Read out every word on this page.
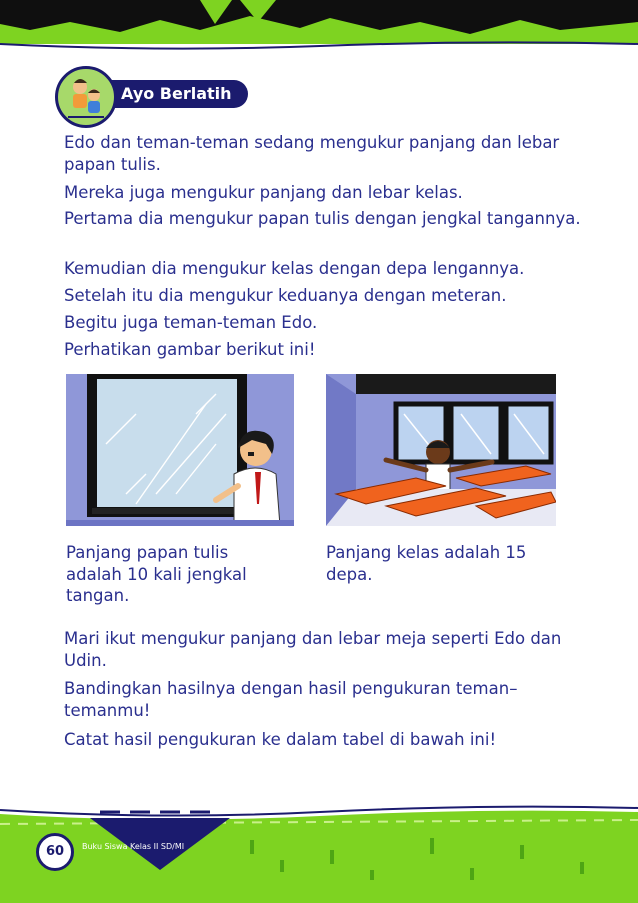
Ayo Berlatih

Edo dan teman-teman sedang mengukur panjang dan lebar papan tulis.

Mereka juga mengukur panjang dan lebar kelas.

Pertama dia mengukur papan tulis dengan jengkal tangannya.

Kemudian dia mengukur kelas dengan depa lengannya.

Setelah itu dia mengukur keduanya dengan meteran.

Begitu juga teman-teman Edo.

Perhatikan gambar berikut ini!

Panjang papan tulis adalah 10 kali jengkal tangan.

Panjang kelas adalah 15 depa.

Mari ikut mengukur panjang dan lebar meja seperti Edo dan Udin.

Bandingkan hasilnya dengan hasil pengukuran teman–temanmu!

Catat hasil pengukuran ke dalam tabel di bawah ini!

60	Buku Siswa Kelas II SD/MI
